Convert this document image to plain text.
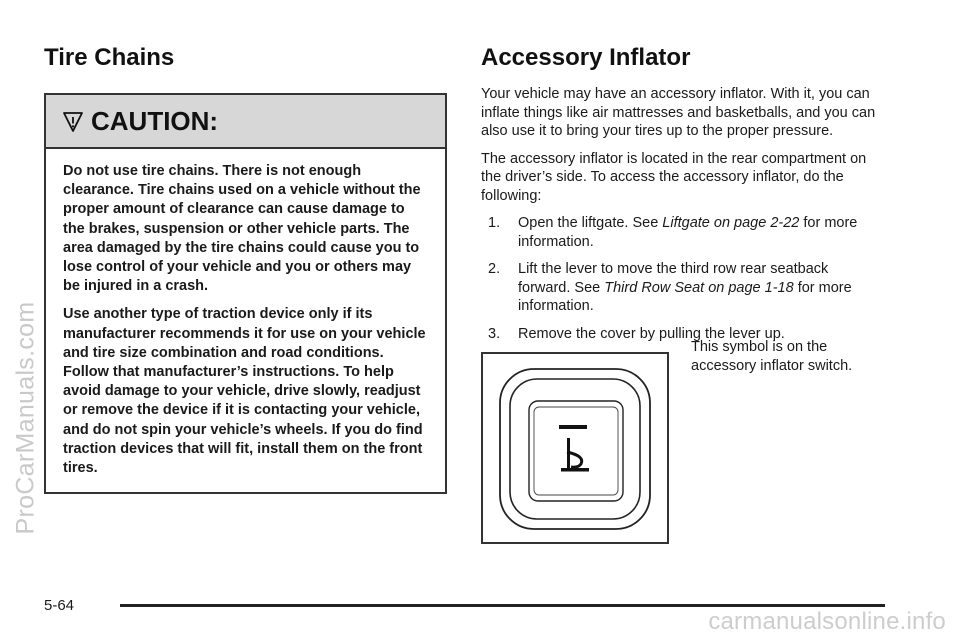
ProCarManuals.com
Tire Chains
CAUTION:

Do not use tire chains. There is not enough clearance. Tire chains used on a vehicle without the proper amount of clearance can cause damage to the brakes, suspension or other vehicle parts. The area damaged by the tire chains could cause you to lose control of your vehicle and you or others may be injured in a crash.

Use another type of traction device only if its manufacturer recommends it for use on your vehicle and tire size combination and road conditions. Follow that manufacturer’s instructions. To help avoid damage to your vehicle, drive slowly, readjust or remove the device if it is contacting your vehicle, and do not spin your vehicle’s wheels. If you do find traction devices that will fit, install them on the front tires.

Accessory Inflator

Your vehicle may have an accessory inflator. With it, you can inflate things like air mattresses and basketballs, and you can also use it to bring your tires up to the proper pressure.

The accessory inflator is located in the rear compartment on the driver’s side. To access the accessory inflator, do the following:

1.	Open the liftgate. See Liftgate on page 2-22 for more information.
2.	Lift the lever to move the third row rear seatback forward. See Third Row Seat on page 1-18 for more information.
3.	Remove the cover by pulling the lever up.

This symbol is on the accessory inflator switch.

5-64
carmanualsonline.info
